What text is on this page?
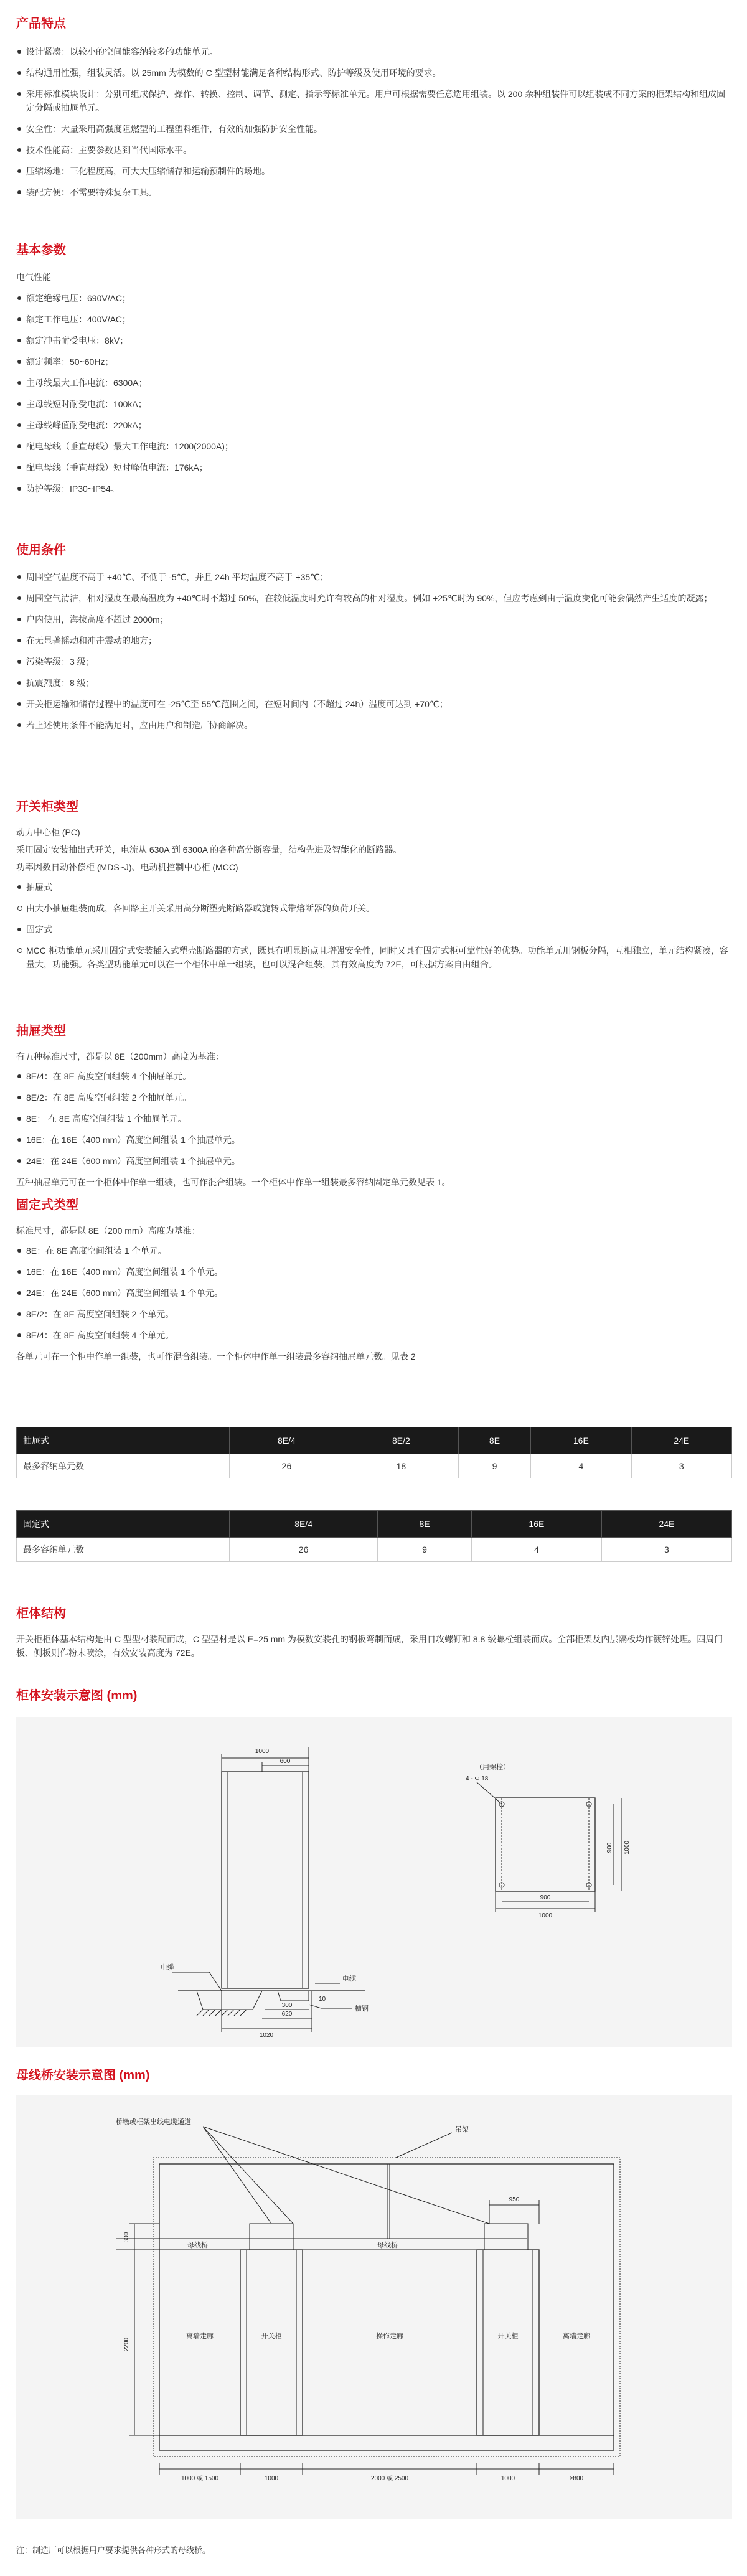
产品特点
设计紧凑：以较小的空间能容纳较多的功能单元。
结构通用性强，组装灵活。以 25mm 为模数的 C 型型材能满足各种结构形式、防护等级及使用环境的要求。
采用标准模块设计：分别可组成保护、操作、转换、控制、调节、测定、指示等标准单元。用户可根据需要任意选用组装。以 200 余种组装件可以组装成不同方案的柜架结构和组成固定分隔或抽屉单元。
安全性：大量采用高强度阻燃型的工程塑料组件，有效的加强防护安全性能。
技术性能高：主要参数达到当代国际水平。
压缩场地：三化程度高，可大大压缩储存和运输预制件的场地。
装配方便：不需要特殊复杂工具。
基本参数

电气性能

额定绝缘电压：690V/AC；
额定工作电压：400V/AC；
额定冲击耐受电压：8kV；
额定频率：50~60Hz；
主母线最大工作电流：6300A；
主母线短时耐受电流：100kA；
主母线峰值耐受电流：220kA；
配电母线（垂直母线）最大工作电流：1200(2000A)；
配电母线（垂直母线）短时峰值电流：176kA；
防护等级：IP30~IP54。
使用条件
周围空气温度不高于 +40℃、不低于 -5℃，并且 24h 平均温度不高于 +35℃；
周围空气清洁，相对湿度在最高温度为 +40℃时不超过 50%，在较低温度时允许有较高的相对湿度。例如 +25℃时为 90%，但应考虑到由于温度变化可能会偶然产生适度的凝露；
户内使用，海拔高度不超过 2000m；
在无显著摇动和冲击震动的地方；
污染等级：3 级；
抗震烈度：8 级；
开关柜运输和储存过程中的温度可在 -25℃至 55℃范围之间，在短时间内（不超过 24h）温度可达到 +70℃；
若上述使用条件不能满足时，应由用户和制造厂协商解决。
开关柜类型

动力中心柜 (PC)

采用固定安装抽出式开关，电流从 630A 到 6300A 的各种高分断容量，结构先进及智能化的断路器。

功率因数自动补偿柜 (MDS~J)、电动机控制中心柜 (MCC)

抽屉式
由大小抽屉组装而成，各回路主开关采用高分断塑壳断路器或旋转式带熔断器的负荷开关。
固定式
MCC 柜功能单元采用固定式安装插入式塑壳断路器的方式，既具有明显断点且增强安全性，同时又具有固定式柜可靠性好的优势。功能单元用钢板分隔，互相独立，单元结构紧凑，容量大，功能强。各类型功能单元可以在一个柜体中单一组装，也可以混合组装，其有效高度为 72E，可根据方案自由组合。
抽屉类型

有五种标准尺寸，都是以 8E（200mm）高度为基准：

8E/4：在 8E 高度空间组装 4 个抽屉单元。
8E/2：在 8E 高度空间组装 2 个抽屉单元。
8E： 在 8E 高度空间组装 1 个抽屉单元。
16E：在 16E（400 mm）高度空间组装 1 个抽屉单元。
24E：在 24E（600 mm）高度空间组装 1 个抽屉单元。

五种抽屉单元可在一个柜体中作单一组装，也可作混合组装。一个柜体中作单一组装最多容纳固定单元数见表 1。

固定式类型

标准尺寸，都是以 8E（200 mm）高度为基准：

8E：在 8E 高度空间组装 1 个单元。
16E：在 16E（400 mm）高度空间组装 1 个单元。
24E：在 24E（600 mm）高度空间组装 1 个单元。
8E/2：在 8E 高度空间组装 2 个单元。
8E/4：在 8E 高度空间组装 4 个单元。

各单元可在一个柜中作单一组装，也可作混合组装。一个柜体中作单一组装最多容纳抽屉单元数。见表 2

抽屉式	8E/4	8E/2	8E	16E	24E
最多容纳单元数	26	18	9	4	3
固定式	8E/4	8E	16E	24E
最多容纳单元数	26	9	4	3
柜体结构

开关柜柜体基本结构是由 C 型型材装配而成，C 型型材是以 E=25 mm 为模数安装孔的钢板弯制而成，采用自攻螺钉和 8.8 级螺栓组装而成。全部柜架及内层隔板均作镀锌处理。四周门板、侧板则作粉末喷涂，有效安装高度为 72E。

柜体安装示意图 (mm)
1000
600
300
620
1020
10
电缆
电缆
槽钢
（用螺栓）
4 - Φ 18
900 1000
900
1000
母线桥安装示意图 (mm)
桥墩或框架出线电缆通道
吊架
母线桥	母线桥
开关柜	开关柜
离墙走廊	离墙走廊
操作走廊
950
300
2200
1000 或 1500	1000	2000 或 2500	1000	≥800

注：制造厂可以根据用户要求提供各种形式的母线桥。
